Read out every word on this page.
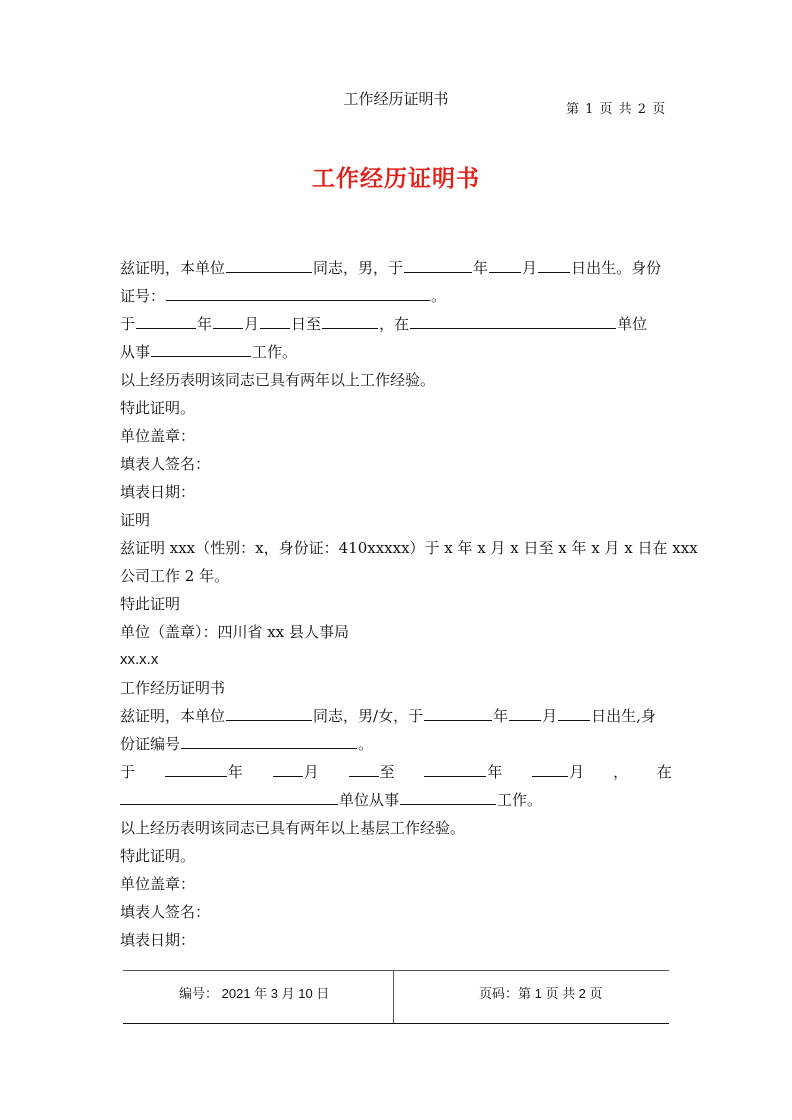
工作经历证明书
第 1 页 共 2 页
工作经历证明书
兹证明，本单位	同志，男，于	年 月 日出生。身份
证号：	。
于	年 月 日至	，在	单位
从事	工作。
以上经历表明该同志已具有两年以上工作经验。
特此证明。
单位盖章：
填表人签名：
填表日期：
证明
兹证明 xxx（性别：x，身份证：410xxxxx）于 x 年 x 月 x 日至 x 年 x 月 x 日在 xxx
公司工作 2 年。
特此证明
单位（盖章）：四川省 xx 县人事局
xx.x.x
工作经历证明书
兹证明，本单位	同志，男/女，于	年 月 日出生,身
份证编号	。
于	年	月	至	年	月 ， 在
单位从事	工作。
以上经历表明该同志已具有两年以上基层工作经验。
特此证明。
单位盖章：
填表人签名：
填表日期：
编号： 2021 年 3 月 10 日	页码：第 1 页 共 2 页
